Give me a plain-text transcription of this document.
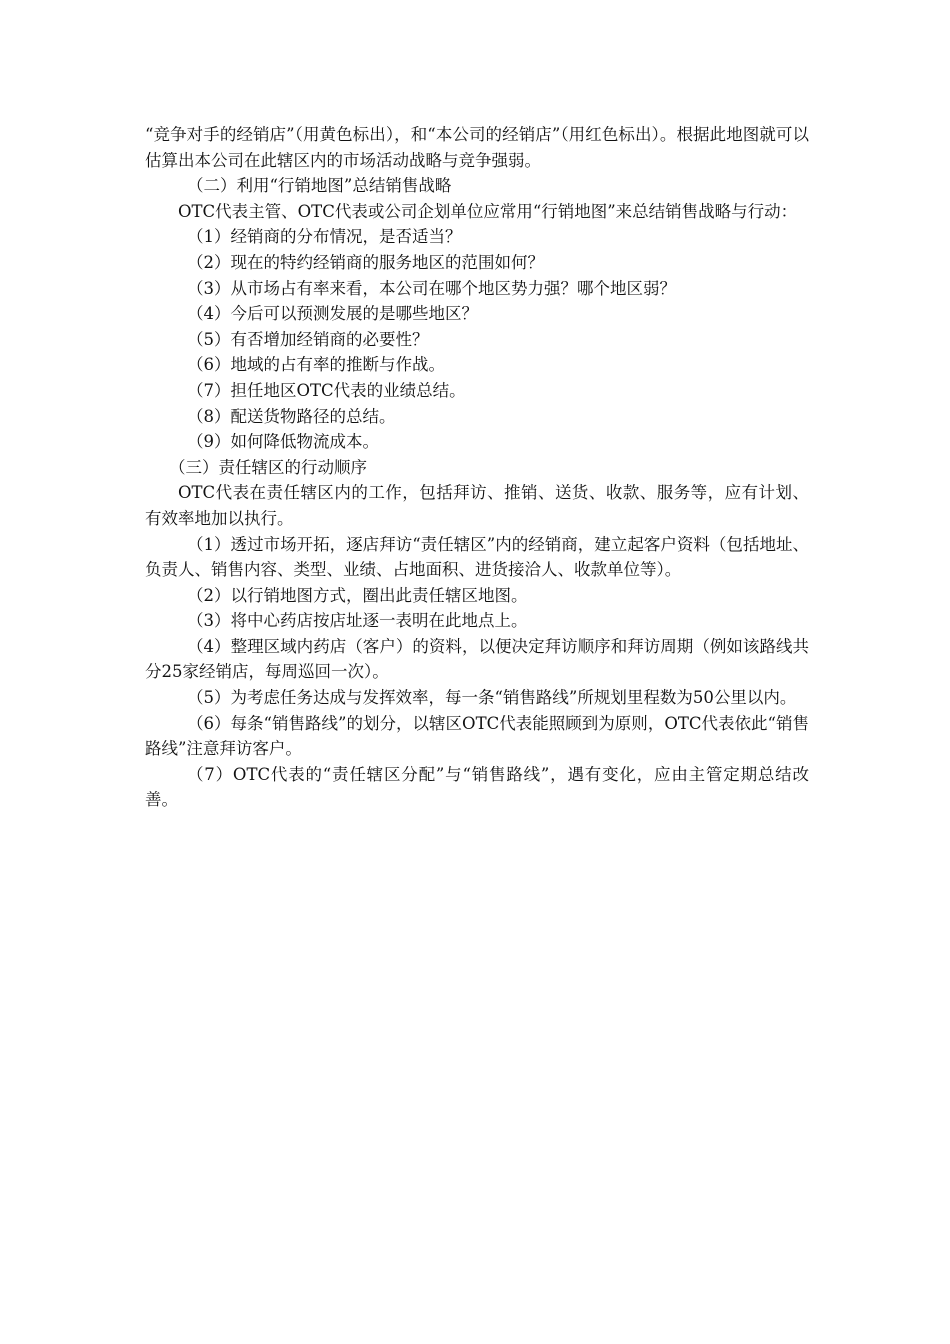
“竞争对手的经销店”（用黄色标出），和“本公司的经销店”（用红色标出）。根据此地图就可以估算出本公司在此辖区内的市场活动战略与竞争强弱。

（二）利用“行销地图”总结销售战略

OTC代表主管、OTC代表或公司企划单位应常用“行销地图”来总结销售战略与行动：

（1）经销商的分布情况，是否适当？

（2）现在的特约经销商的服务地区的范围如何？

（3）从市场占有率来看，本公司在哪个地区势力强？哪个地区弱？

（4）今后可以预测发展的是哪些地区？

（5）有否增加经销商的必要性？

（6）地域的占有率的推断与作战。

（7）担任地区OTC代表的业绩总结。

（8）配送货物路径的总结。

（9）如何降低物流成本。

（三）责任辖区的行动顺序

OTC代表在责任辖区内的工作，包括拜访、推销、送货、收款、服务等，应有计划、有效率地加以执行。

（1）透过市场开拓，逐店拜访“责任辖区”内的经销商，建立起客户资料（包括地址、负责人、销售内容、类型、业绩、占地面积、进货接洽人、收款单位等）。

（2）以行销地图方式，圈出此责任辖区地图。

（3）将中心药店按店址逐一表明在此地点上。

（4）整理区域内药店（客户）的资料，以便决定拜访顺序和拜访周期（例如该路线共分25家经销店，每周巡回一次）。

（5）为考虑任务达成与发挥效率，每一条“销售路线”所规划里程数为50公里以内。

（6）每条“销售路线”的划分，以辖区OTC代表能照顾到为原则，OTC代表依此“销售路线”注意拜访客户。

（7）OTC代表的“责任辖区分配”与“销售路线”，遇有变化，应由主管定期总结改善。
